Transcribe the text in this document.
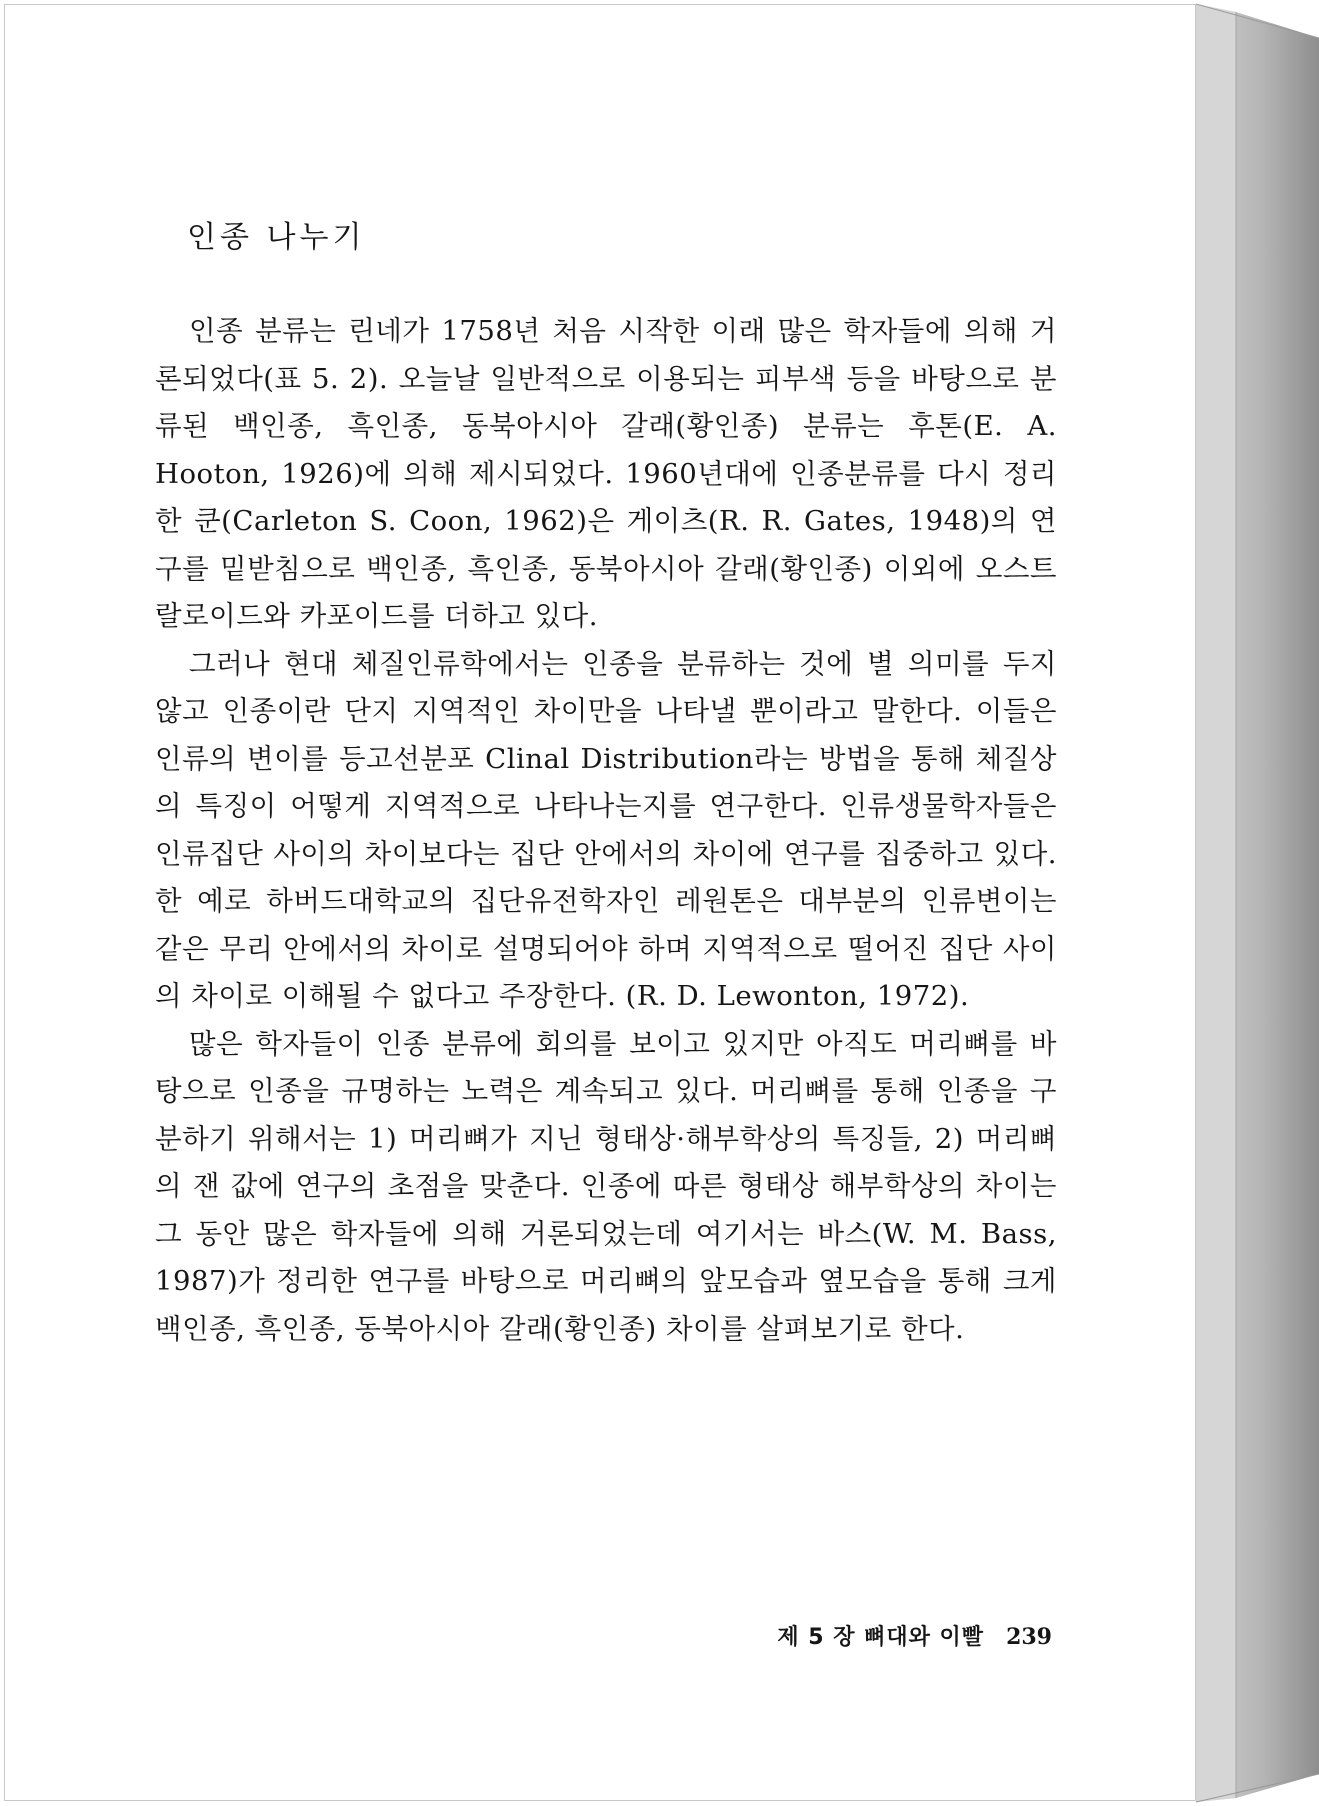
인종 나누기

인종 분류는 린네가 1758년 처음 시작한 이래 많은 학자들에 의해 거론되었다(표 5. 2). 오늘날 일반적으로 이용되는 피부색 등을 바탕으로 분류된 백인종, 흑인종, 동북아시아 갈래(황인종) 분류는 후톤(E. A. Hooton, 1926)에 의해 제시되었다. 1960년대에 인종분류를 다시 정리한 쿤(Carleton S. Coon, 1962)은 게이츠(R. R. Gates, 1948)의 연구를 밑받침으로 백인종, 흑인종, 동북아시아 갈래(황인종) 이외에 오스트랄로이드와 카포이드를 더하고 있다.

그러나 현대 체질인류학에서는 인종을 분류하는 것에 별 의미를 두지 않고 인종이란 단지 지역적인 차이만을 나타낼 뿐이라고 말한다. 이들은 인류의 변이를 등고선분포 Clinal Distribution라는 방법을 통해 체질상의 특징이 어떻게 지역적으로 나타나는지를 연구한다. 인류생물학자들은 인류집단 사이의 차이보다는 집단 안에서의 차이에 연구를 집중하고 있다. 한 예로 하버드대학교의 집단유전학자인 레원톤은 대부분의 인류변이는 같은 무리 안에서의 차이로 설명되어야 하며 지역적으로 떨어진 집단 사이의 차이로 이해될 수 없다고 주장한다. (R. D. Lewonton, 1972).

많은 학자들이 인종 분류에 회의를 보이고 있지만 아직도 머리뼈를 바탕으로 인종을 규명하는 노력은 계속되고 있다. 머리뼈를 통해 인종을 구분하기 위해서는 1) 머리뼈가 지닌 형태상·해부학상의 특징들, 2) 머리뼈의 잰 값에 연구의 초점을 맞춘다. 인종에 따른 형태상 해부학상의 차이는 그 동안 많은 학자들에 의해 거론되었는데 여기서는 바스(W. M. Bass, 1987)가 정리한 연구를 바탕으로 머리뼈의 앞모습과 옆모습을 통해 크게 백인종, 흑인종, 동북아시아 갈래(황인종) 차이를 살펴보기로 한다.

제 5 장 뼈대와 이빨 239
